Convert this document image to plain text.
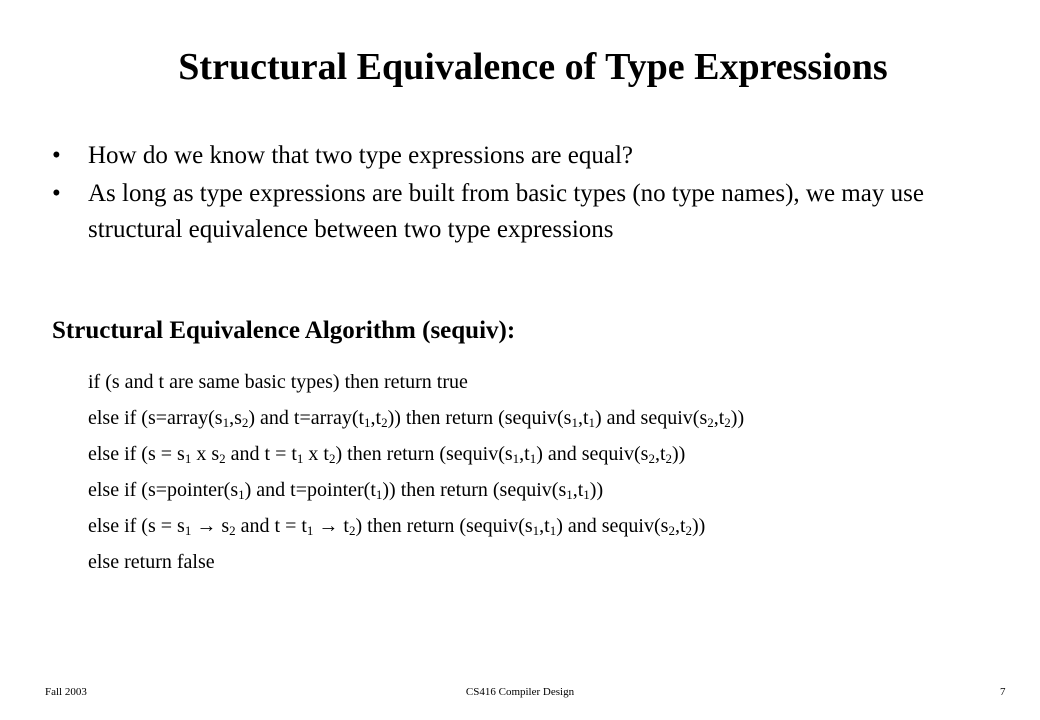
Structural Equivalence of Type Expressions
• How do we know that two type expressions are equal?
• As long as type expressions are built from basic types (no type names), we may use structural equivalence between two type expressions
Structural Equivalence Algorithm (sequiv):
if (s and t are same basic types) then return true
else if ($s=array(s_1,s_2)$ and $t=array(t_1,t_2)$) then return ($sequiv(s_1,t_1)$ and $sequiv(s_2,t_2)$)
else if ($s = s_1$ x $s_2$ and $t = t_1$ x $t_2$) then return ($sequiv(s_1,t_1)$ and $sequiv(s_2,t_2)$)
else if ($s=pointer(s_1)$ and $t=pointer(t_1)$) then return $(sequiv(s_1,t_1))$
else if ($s = s_1 \to s_2$ and $t = t_1 \to t_2$) then return ($sequiv(s_1,t_1)$ and $sequiv(s_2,t_2)$)
else return false
Fall 2003	CS416 Compiler Design	7
